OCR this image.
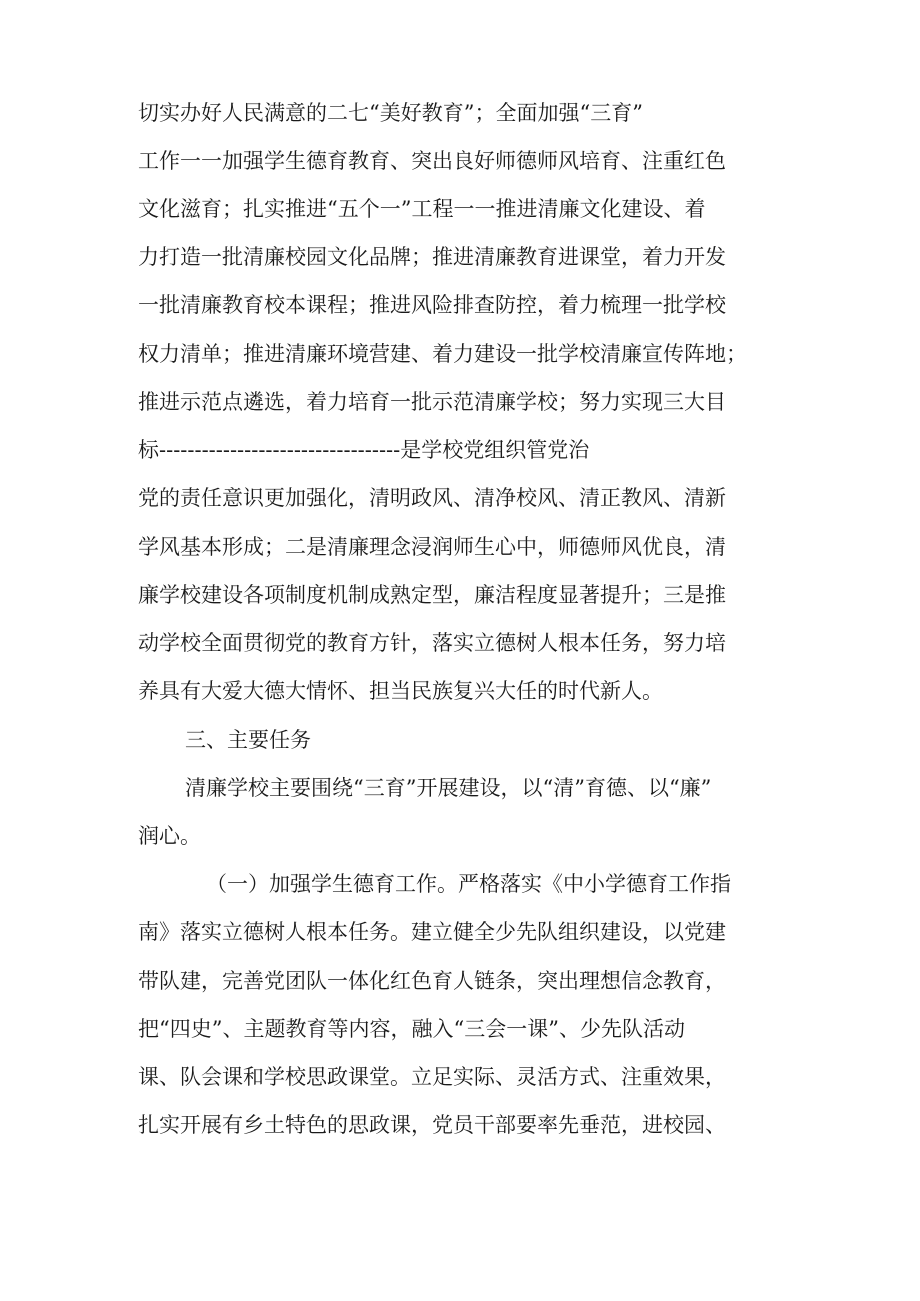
切实办好人民满意的二七“美好教育”；全面加强“三育”
工作一一加强学生德育教育、突出良好师德师风培育、注重红色
文化滋育；扎实推进“五个一”工程一一推进清廉文化建设、着
力打造一批清廉校园文化品牌；推进清廉教育进课堂，着力开发
一批清廉教育校本课程；推进风险排查防控，着力梳理一批学校
权力清单；推进清廉环境营建、着力建设一批学校清廉宣传阵地；
推进示范点遴选，着力培育一批示范清廉学校；努力实现三大目
标----------------------------------是学校党组织管党治
党的责任意识更加强化，清明政风、清净校风、清正教风、清新
学风基本形成；二是清廉理念浸润师生心中，师德师风优良，清
廉学校建设各项制度机制成熟定型，廉洁程度显著提升；三是推
动学校全面贯彻党的教育方针，落实立德树人根本任务，努力培
养具有大爱大德大情怀、担当民族复兴大任的时代新人。
三、主要任务
清廉学校主要围绕“三育”开展建设，以“清”育德、以“廉”
润心。
（一）加强学生德育工作。严格落实《中小学德育工作指
南》落实立德树人根本任务。建立健全少先队组织建设，以党建
带队建，完善党团队一体化红色育人链条，突出理想信念教育，
把“四史”、主题教育等内容，融入“三会一课”、少先队活动
课、队会课和学校思政课堂。立足实际、灵活方式、注重效果，
扎实开展有乡土特色的思政课，党员干部要率先垂范，进校园、
